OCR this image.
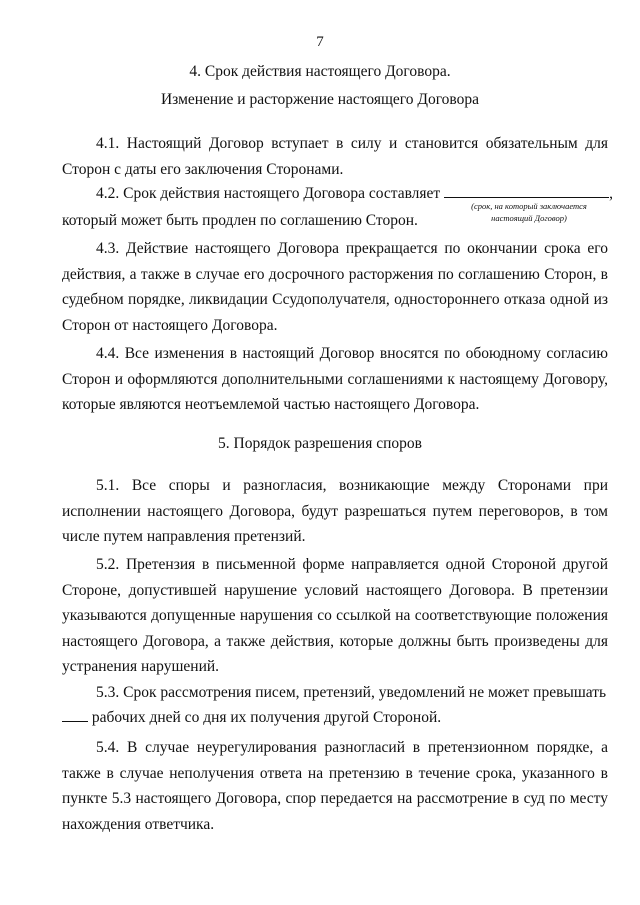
7
4. Срок действия настоящего Договора.
Изменение и расторжение настоящего Договора

4.1. Настоящий Договор вступает в силу и становится обязательным для Сторон с даты его заключения Сторонами.

4.2. Срок действия настоящего Договора составляет	,
(срок, на который заключается
настоящий Договор)
который может быть продлен по соглашению Сторон.

4.3. Действие настоящего Договора прекращается по окончании срока его действия, а также в случае его досрочного расторжения по соглашению Сторон, в судебном порядке, ликвидации Ссудополучателя, одностороннего отказа одной из Сторон от настоящего Договора.

4.4. Все изменения в настоящий Договор вносятся по обоюдному согласию Сторон и оформляются дополнительными соглашениями к настоящему Договору, которые являются неотъемлемой частью настоящего Договора.

5. Порядок разрешения споров

5.1. Все споры и разногласия, возникающие между Сторонами при исполнении настоящего Договора, будут разрешаться путем переговоров, в том числе путем направления претензий.

5.2. Претензия в письменной форме направляется одной Стороной другой Стороне, допустившей нарушение условий настоящего Договора. В претензии указываются допущенные нарушения со ссылкой на соответствующие положения настоящего Договора, а также действия, которые должны быть произведены для устранения нарушений.

5.3. Срок рассмотрения писем, претензий, уведомлений не может превышать
рабочих дней со дня их получения другой Стороной.

5.4. В случае неурегулирования разногласий в претензионном порядке, а также в случае неполучения ответа на претензию в течение срока, указанного в пункте 5.3 настоящего Договора, спор передается на рассмотрение в суд по месту нахождения ответчика.
